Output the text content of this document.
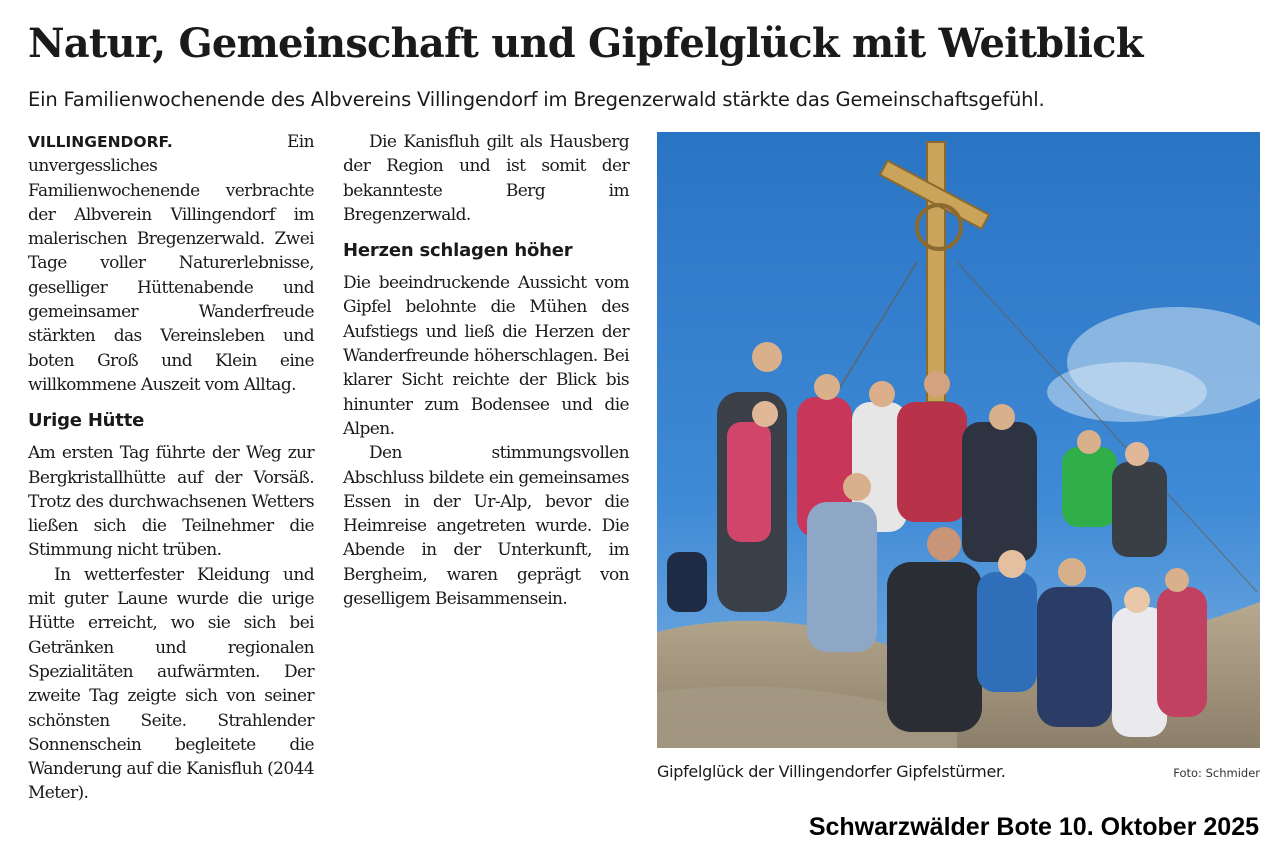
Natur, Gemeinschaft und Gipfelglück mit Weitblick

Ein Familienwochenende des Albvereins Villingendorf im Bregenzerwald stärkte das Gemeinschaftsgefühl.

VILLINGENDORF.	Ein unvergessliches Familienwochenende verbrachte der Albverein Villingendorf im malerischen Bregenzerwald. Zwei Tage voller Naturerlebnisse, geselliger Hüttenabende und gemeinsamer Wanderfreude stärkten das Vereinsleben und boten Groß und Klein eine willkommene Auszeit vom Alltag.

Urige Hütte

Am ersten Tag führte der Weg zur Bergkristallhütte auf der Vorsäß. Trotz des durchwachsenen Wetters ließen sich die Teilnehmer die Stimmung nicht trüben.

In wetterfester Kleidung und mit guter Laune wurde die urige Hütte erreicht, wo sie sich bei Getränken und regionalen Spezialitäten aufwärmten. Der zweite Tag zeigte sich von seiner schönsten Seite. Strahlender Sonnenschein begleitete die Wanderung auf die Kanisfluh (2044 Meter).

Die Kanisfluh gilt als Hausberg der Region und ist somit der bekannteste Berg im Bregenzerwald.

Herzen schlagen höher

Die beeindruckende Aussicht vom Gipfel belohnte die Mühen des Aufstiegs und ließ die Herzen der Wanderfreunde höherschlagen. Bei klarer Sicht reichte der Blick bis hinunter zum Bodensee und die Alpen.

Den stimmungsvollen Abschluss bildete ein gemeinsames Essen in der Ur-Alp, bevor die Heimreise angetreten wurde. Die Abende in der Unterkunft, im Bergheim, waren geprägt von geselligem Beisammensein.

Gipfelglück der Villingendorfer Gipfelstürmer.	Foto: Schmider

Schwarzwälder Bote 10. Oktober 2025
